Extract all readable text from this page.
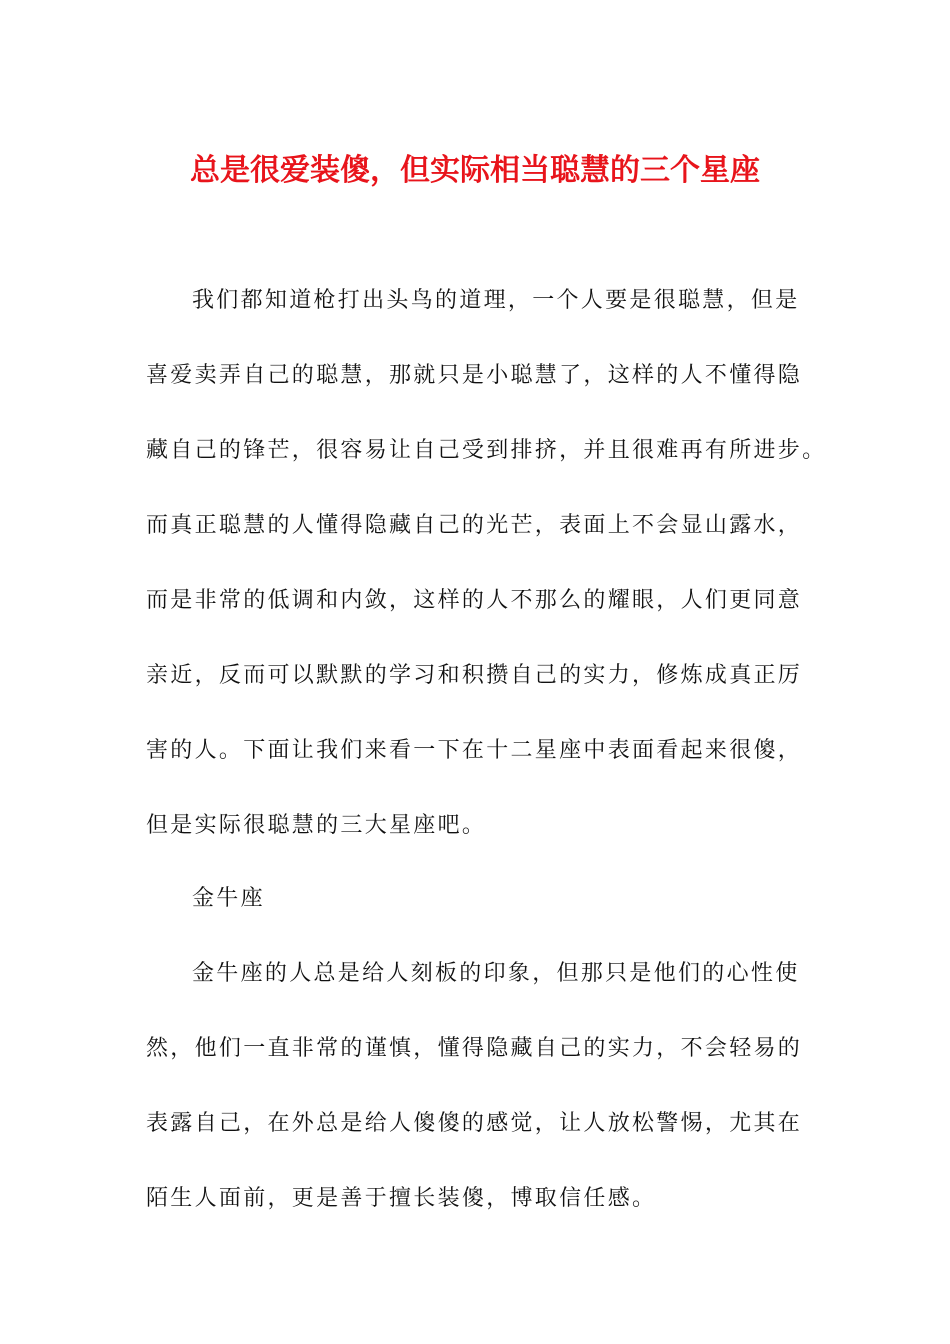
总是很爱装傻，但实际相当聪慧的三个星座
我们都知道枪打出头鸟的道理，一个人要是很聪慧，但是
喜爱卖弄自己的聪慧，那就只是小聪慧了，这样的人不懂得隐
藏自己的锋芒，很容易让自己受到排挤，并且很难再有所进步。
而真正聪慧的人懂得隐藏自己的光芒，表面上不会显山露水，
而是非常的低调和内敛，这样的人不那么的耀眼，人们更同意
亲近，反而可以默默的学习和积攒自己的实力，修炼成真正厉
害的人。下面让我们来看一下在十二星座中表面看起来很傻，
但是实际很聪慧的三大星座吧。
金牛座
金牛座的人总是给人刻板的印象，但那只是他们的心性使
然，他们一直非常的谨慎，懂得隐藏自己的实力，不会轻易的
表露自己，在外总是给人傻傻的感觉，让人放松警惕，尤其在
陌生人面前，更是善于擅长装傻，博取信任感。
